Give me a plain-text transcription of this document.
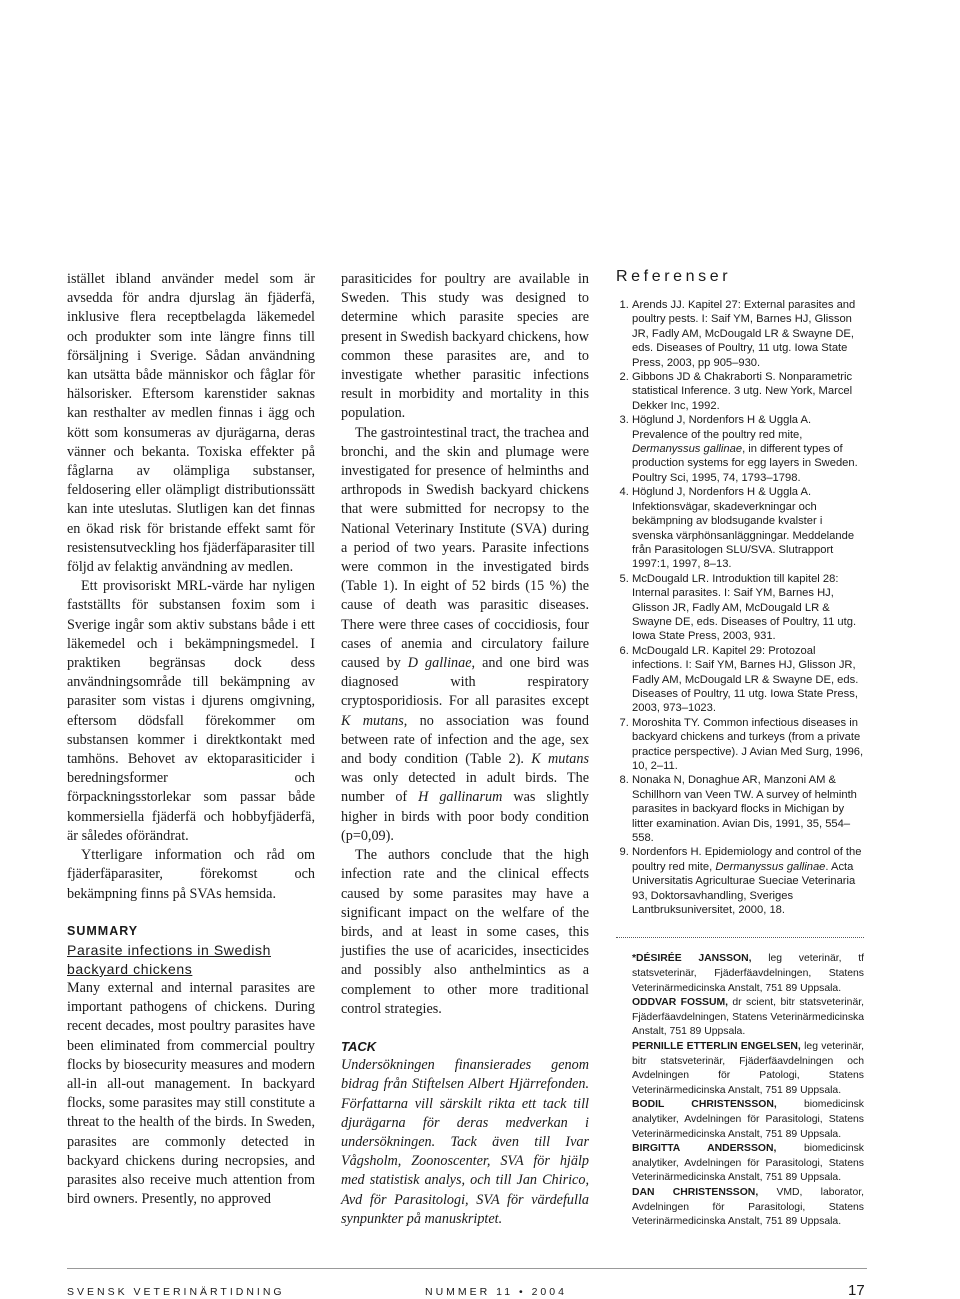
istället ibland använder medel som är avsedda för andra djurslag än fjäderfä, inklusive flera receptbelagda läkemedel och produkter som inte längre finns till försäljning i Sverige. Sådan användning kan utsätta både människor och fåglar för hälsorisker. Eftersom karenstider saknas kan resthalter av medlen finnas i ägg och kött som konsumeras av djurägarna, deras vänner och bekanta. Toxiska effekter på fåglarna av olämpliga substanser, feldosering eller olämpligt distributionssätt kan inte uteslutas. Slutligen kan det finnas en ökad risk för bristande effekt samt för resistensutveckling hos fjäderfäparasiter till följd av felaktig användning av medlen.

Ett provisoriskt MRL-värde har nyligen fastställts för substansen foxim som i Sverige ingår som aktiv substans både i ett läkemedel och i bekämpningsmedel. I praktiken begränsas dock dess användningsområde till bekämpning av parasiter som vistas i djurens omgivning, eftersom dödsfall förekommer om substansen kommer i direktkontakt med tamhöns. Behovet av ektoparasiticider i beredningsformer och förpackningsstorlekar som passar både kommersiella fjäderfä och hobbyfjäderfä, är således oförändrat.

Ytterligare information och råd om fjäderfäparasiter, förekomst och bekämpning finns på SVAs hemsida.

SUMMARY
Parasite infections in Swedish backyard chickens

Many external and internal parasites are important pathogens of chickens. During recent decades, most poultry parasites have been eliminated from commercial poultry flocks by biosecurity measures and modern all-in all-out management. In backyard flocks, some parasites may still constitute a threat to the health of the birds. In Sweden, parasites are commonly detected in backyard chickens during necropsies, and parasites also receive much attention from bird owners. Presently, no approved

parasiticides for poultry are available in Sweden. This study was designed to determine which parasite species are present in Swedish backyard chickens, how common these parasites are, and to investigate whether parasitic infections result in morbidity and mortality in this population.

The gastrointestinal tract, the trachea and bronchi, and the skin and plumage were investigated for presence of helminths and arthropods in Swedish backyard chickens that were submitted for necropsy to the National Veterinary Institute (SVA) during a period of two years. Parasite infections were common in the investigated birds (Table 1). In eight of 52 birds (15 %) the cause of death was parasitic diseases. There were three cases of coccidiosis, four cases of anemia and circulatory failure caused by D gallinae, and one bird was diagnosed with respiratory cryptosporidiosis. For all parasites except K mutans, no association was found between rate of infection and the age, sex and body condition (Table 2). K mutans was only detected in adult birds. The number of H gallinarum was slightly higher in birds with poor body condition (p=0,09).

The authors conclude that the high infection rate and the clinical effects caused by some parasites may have a significant impact on the welfare of the birds, and at least in some cases, this justifies the use of acaricides, insecticides and possibly also anthelmintics as a complement to other more traditional control strategies.

TACK

Undersökningen finansierades genom bidrag från Stiftelsen Albert Hjärrefonden. Författarna vill särskilt rikta ett tack till djurägarna för deras medverkan i undersökningen. Tack även till Ivar Vågsholm, Zoonoscenter, SVA för hjälp med statistisk analys, och till Jan Chirico, Avd för Parasitologi, SVA för värdefulla synpunkter på manuskriptet.

Referenser
1. Arends JJ. Kapitel 27: External parasites and poultry pests. I: Saif YM, Barnes HJ, Glisson JR, Fadly AM, McDougald LR & Swayne DE, eds. Diseases of Poultry, 11 utg. Iowa State Press, 2003, pp 905–930.
2. Gibbons JD & Chakraborti S. Nonparametric statistical Inference. 3 utg. New York, Marcel Dekker Inc, 1992.
3. Höglund J, Nordenfors H & Uggla A. Prevalence of the poultry red mite, Dermanyssus gallinae, in different types of production systems for egg layers in Sweden. Poultry Sci, 1995, 74, 1793–1798.
4. Höglund J, Nordenfors H & Uggla A. Infektionsvägar, skadeverkningar och bekämpning av blodsugande kvalster i svenska värphönsanläggningar. Meddelande från Parasitologen SLU/SVA. Slutrapport 1997:1, 1997, 8–13.
5. McDougald LR. Introduktion till kapitel 28: Internal parasites. I: Saif YM, Barnes HJ, Glisson JR, Fadly AM, McDougald LR & Swayne DE, eds. Diseases of Poultry, 11 utg. Iowa State Press, 2003, 931.
6. McDougald LR. Kapitel 29: Protozoal infections. I: Saif YM, Barnes HJ, Glisson JR, Fadly AM, McDougald LR & Swayne DE, eds. Diseases of Poultry, 11 utg. Iowa State Press, 2003, 973–1023.
7. Moroshita TY. Common infectious diseases in backyard chickens and turkeys (from a private practice perspective). J Avian Med Surg, 1996, 10, 2–11.
8. Nonaka N, Donaghue AR, Manzoni AM & Schillhorn van Veen TW. A survey of helminth parasites in backyard flocks in Michigan by litter examination. Avian Dis, 1991, 35, 554–558.
9. Nordenfors H. Epidemiology and control of the poultry red mite, Dermanyssus gallinae. Acta Universitatis Agriculturae Sueciae Veterinaria 93, Doktorsavhandling, Sveriges Lantbruksuniversitet, 2000, 18.

*DÉSIRÉE JANSSON, leg veterinär, tf statsveterinär, Fjäderfäavdelningen, Statens Veterinärmedicinska Anstalt, 751 89 Uppsala.

ODDVAR FOSSUM, dr scient, bitr statsveterinär, Fjäderfäavdelningen, Statens Veterinärmedicinska Anstalt, 751 89 Uppsala.

PERNILLE ETTERLIN ENGELSEN, leg veterinär, bitr statsveterinär, Fjäderfäavdelningen och Avdelningen för Patologi, Statens Veterinärmedicinska Anstalt, 751 89 Uppsala.

BODIL CHRISTENSSON, biomedicinsk analytiker, Avdelningen för Parasitologi, Statens Veterinärmedicinska Anstalt, 751 89 Uppsala.

BIRGITTA ANDERSSON, biomedicinsk analytiker, Avdelningen för Parasitologi, Statens Veterinärmedicinska Anstalt, 751 89 Uppsala.

DAN CHRISTENSSON, VMD, laborator, Avdelningen för Parasitologi, Statens Veterinärmedicinska Anstalt, 751 89 Uppsala.

SVENSK VETERINÄRTIDNING	NUMMER 11 • 2004	17
